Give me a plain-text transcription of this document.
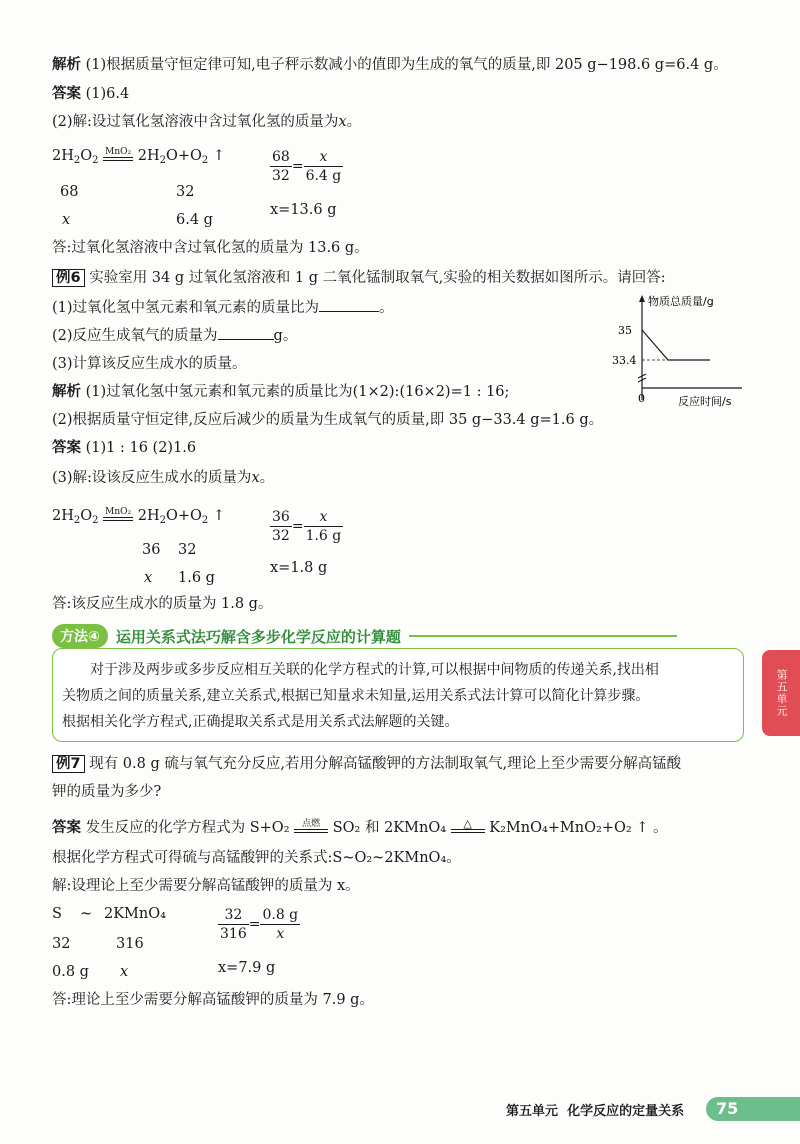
解析 (1)根据质量守恒定律可知,电子秤示数减小的值即为生成的氧气的质量,即 205 g−198.6 g=6.4 g。
答案 (1)6.4
(2)解:设过氧化氢溶液中含过氧化氢的质量为x。
$2H_2O_2$
MnO₂ $2H_2O+O_2$ ↑
68	32
x	6.4 g
$\frac{68}{32} = \frac{x}{6.4 g}$
x=13.6 g
答:过氧化氢溶液中含过氧化氢的质量为 13.6 g。
例6 实验室用 34 g 过氧化氢溶液和 1 g 二氧化锰制取氧气,实验的相关数据如图所示。请回答:
(1)过氧化氢中氢元素和氧元素的质量比为	。
(2)反应生成氧气的质量为	g。
(3)计算该反应生成水的质量。
物质总质量/g
反应时间/s
0
35
33.4
解析 (1)过氧化氢中氢元素和氧元素的质量比为(1×2):(16×2)=1 : 16;
(2)根据质量守恒定律,反应后减少的质量为生成氧气的质量,即 35 g−33.4 g=1.6 g。
答案 (1)1 : 16 (2)1.6
(3)解:设该反应生成水的质量为x。
$2H_2O_2$
MnO₂ $2H_2O+O_2$ ↑
36 32
x 1.6 g
$\frac{36}{32} = \frac{x}{1.6 g}$
x=1.8 g
答:该反应生成水的质量为 1.8 g。
方法④	运用关系式法巧解含多步化学反应的计算题
对于涉及两步或多步反应相互关联的化学方程式的计算,可以根据中间物质的传递关系,找出相
关物质之间的质量关系,建立关系式,根据已知量求未知量,运用关系式法计算可以简化计算步骤。
根据相关化学方程式,正确提取关系式是用关系式法解题的关键。
第五单元
例7 现有 0.8 g 硫与氧气充分反应,若用分解高锰酸钾的方法制取氧气,理论上至少需要分解高锰酸
钾的质量为多少?
答案 发生反应的化学方程式为 S+O₂	点燃 SO₂ 和 2KMnO₄	△	K₂MnO₄+MnO₂+O₂ ↑ 。
根据化学方程式可得硫与高锰酸钾的关系式:S~O₂~2KMnO₄。
解:设理论上至少需要分解高锰酸钾的质量为 x。
S ~ 2KMnO₄
32	316
0.8 g x
$\frac{32}{316} = \frac{0.8 g}{x}$
x=7.9 g
答:理论上至少需要分解高锰酸钾的质量为 7.9 g。
第五单元 化学反应的定量关系 75
